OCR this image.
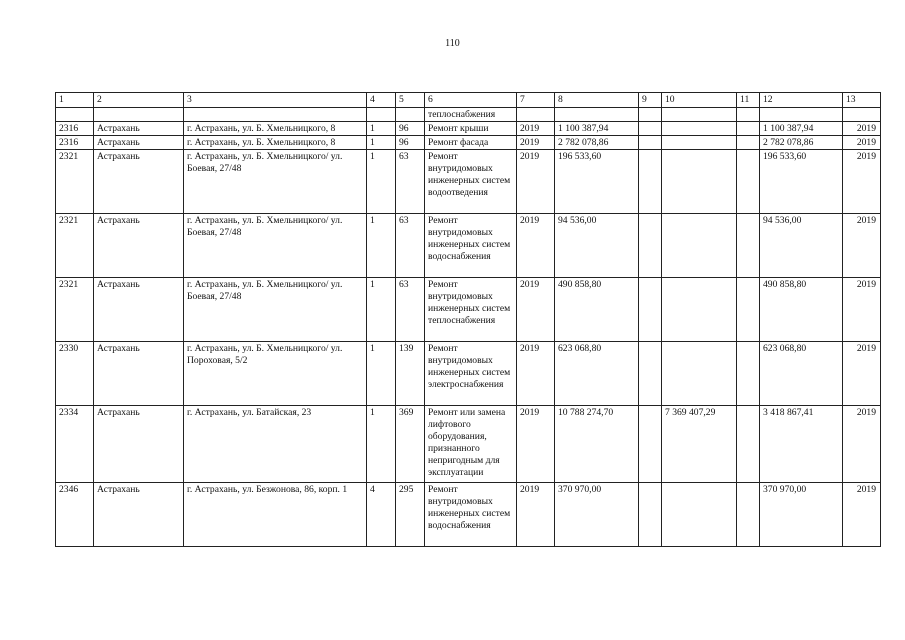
110
1	2	3	4	5	6	7	8	9	10	11	12	13
					теплоснабжения							
2316	Астрахань	г. Астрахань, ул. Б. Хмельницкого, 8	1	96	Ремонт крыши	2019	1 100 387,94				1 100 387,94	2019
2316	Астрахань	г. Астрахань, ул. Б. Хмельницкого, 8	1	96	Ремонт фасада	2019	2 782 078,86				2 782 078,86	2019
2321	Астрахань	г. Астрахань, ул. Б. Хмельницкого/ ул. Боевая, 27/48	1	63	Ремонт внутридомовых инженерных систем водоотведения	2019	196 533,60				196 533,60	2019
2321	Астрахань	г. Астрахань, ул. Б. Хмельницкого/ ул. Боевая, 27/48	1	63	Ремонт внутридомовых инженерных систем водоснабжения	2019	94 536,00				94 536,00	2019
2321	Астрахань	г. Астрахань, ул. Б. Хмельницкого/ ул. Боевая, 27/48	1	63	Ремонт внутридомовых инженерных систем теплоснабжения	2019	490 858,80				490 858,80	2019
2330	Астрахань	г. Астрахань, ул. Б. Хмельницкого/ ул. Пороховая, 5/2	1	139	Ремонт внутридомовых инженерных систем электроснабжения	2019	623 068,80				623 068,80	2019
2334	Астрахань	г. Астрахань, ул. Батайская, 23	1	369	Ремонт или замена лифтового оборудования, признанного непригодным для эксплуатации	2019	10 788 274,70		7 369 407,29		3 418 867,41	2019
2346	Астрахань	г. Астрахань, ул. Безжонова, 86, корп. 1	4	295	Ремонт внутридомовых инженерных систем водоснабжения	2019	370 970,00				370 970,00	2019
